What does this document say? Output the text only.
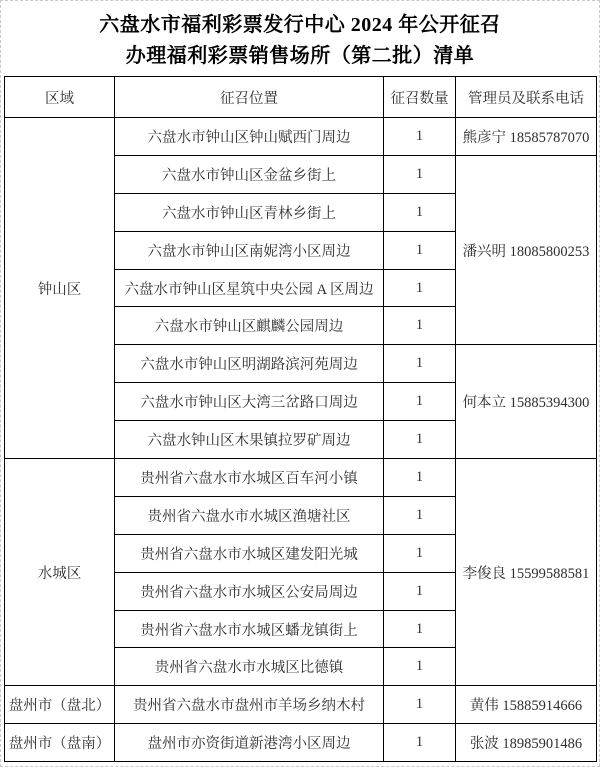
六盘水市福利彩票发行中心 2024 年公开征召
办理福利彩票销售场所（第二批）清单
区域	征召位置	征召数量	管理员及联系电话
钟山区	六盘水市钟山区钟山赋西门周边	1	熊彦宁 18585787070
	六盘水市钟山区金盆乡街上	1	潘兴明 18085800253
	六盘水市钟山区青林乡街上	1	
	六盘水市钟山区南妮湾小区周边	1	
	六盘水市钟山区星筑中央公园 A 区周边	1	
	六盘水市钟山区麒麟公园周边	1	
	六盘水市钟山区明湖路滨河苑周边	1	何本立 15885394300
	六盘水市钟山区大湾三岔路口周边	1	
	六盘水钟山区木果镇拉罗矿周边	1	
水城区	贵州省六盘水市水城区百车河小镇	1	李俊良 15599588581
	贵州省六盘水市水城区渔塘社区	1	
	贵州省六盘水市水城区建发阳光城	1	
	贵州省六盘水市水城区公安局周边	1	
	贵州省六盘水市水城区蟠龙镇街上	1	
	贵州省六盘水市水城区比德镇	1	
盘州市（盘北）	贵州省六盘水市盘州市羊场乡纳木村	1	黄伟 15885914666
盘州市（盘南）	盘州市亦资街道新港湾小区周边	1	张波 18985901486
